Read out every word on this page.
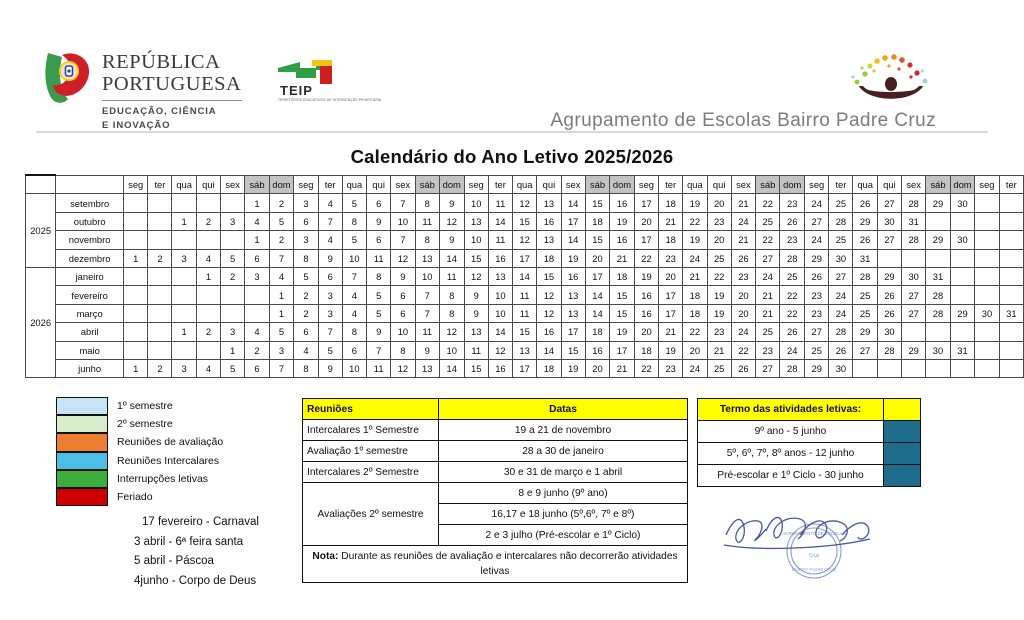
REPÚBLICA
PORTUGUESA
EDUCAÇÃO, CIÊNCIA
E INOVAÇÃO
TEIP
TERRITÓRIOS EDUCATIVOS DE INTERVENÇÃO PRIORITÁRIA
Agrupamento de Escolas Bairro Padre Cruz
Calendário do Ano Letivo 2025/2026
		seg	ter	qua	qui	sex	sáb	dom	seg	ter	qua	qui	sex	sáb	dom	seg	ter	qua	qui	sex	sáb	dom	seg	ter	qua	qui	sex	sáb	dom	seg	ter	qua	qui	sex	sáb	dom	seg	ter
2025	setembro						1	2	3	4	5	6	7	8	9	10	11	12	13	14	15	16	17	18	19	20	21	22	23	24	25	26	27	28	29	30		
	outubro			1	2	3	4	5	6	7	8	9	10	11	12	13	14	15	16	17	18	19	20	21	22	23	24	25	26	27	28	29	30	31				
	novembro						1	2	3	4	5	6	7	8	9	10	11	12	13	14	15	16	17	18	19	20	21	22	23	24	25	26	27	28	29	30		
	dezembro	1	2	3	4	5	6	7	8	9	10	11	12	13	14	15	16	17	18	19	20	21	22	23	24	25	26	27	28	29	30	31						
2026	janeiro				1	2	3	4	5	6	7	8	9	10	11	12	13	14	15	16	17	18	19	20	21	22	23	24	25	26	27	28	29	30	31			
	fevereiro							1	2	3	4	5	6	7	8	9	10	11	12	13	14	15	16	17	18	19	20	21	22	23	24	25	26	27	28			
	março							1	2	3	4	5	6	7	8	9	10	11	12	13	14	15	16	17	18	19	20	21	22	23	24	25	26	27	28	29	30	31
	abril			1	2	3	4	5	6	7	8	9	10	11	12	13	14	15	16	17	18	19	20	21	22	23	24	25	26	27	28	29	30					
	maio					1	2	3	4	5	6	7	8	9	10	11	12	13	14	15	16	17	18	19	20	21	22	23	24	25	26	27	28	29	30	31		
	junho	1	2	3	4	5	6	7	8	9	10	11	12	13	14	15	16	17	18	19	20	21	22	23	24	25	26	27	28	29	30							
1º semestre
2º semestre
Reuniões de avaliação
Reuniões Intercalares
Interrupções letivas
Feriado
17 fevereiro - Carnaval
3 abril - 6ª feira santa
5 abril - Páscoa
4junho - Corpo de Deus
Reuniões	Datas
Intercalares 1º Semestre	19 a 21 de novembro
Avaliação 1º semestre	28 a 30 de janeiro
Intercalares 2º Semestre	30 e 31 de março e 1 abril
Avaliações 2º semestre	8 e 9 junho (9º ano)
	16,17 e 18 junho (5º,6º, 7º e 8º)
	2 e 3 julho (Pré-escolar e 1º Ciclo)
Nota: Durante as reuniões de avaliação e intercalares não decorrerão atividades letivas	
Termo das atividades letivas:	
9º ano - 5 junho	
5º, 6º, 7º, 8º anos - 12 junho	
Pré-escolar e 1º Ciclo - 30 junho	
AGRUPAMENTO DE ESCOLAS
Cruz
BAIRRO PADRE CRUZ
